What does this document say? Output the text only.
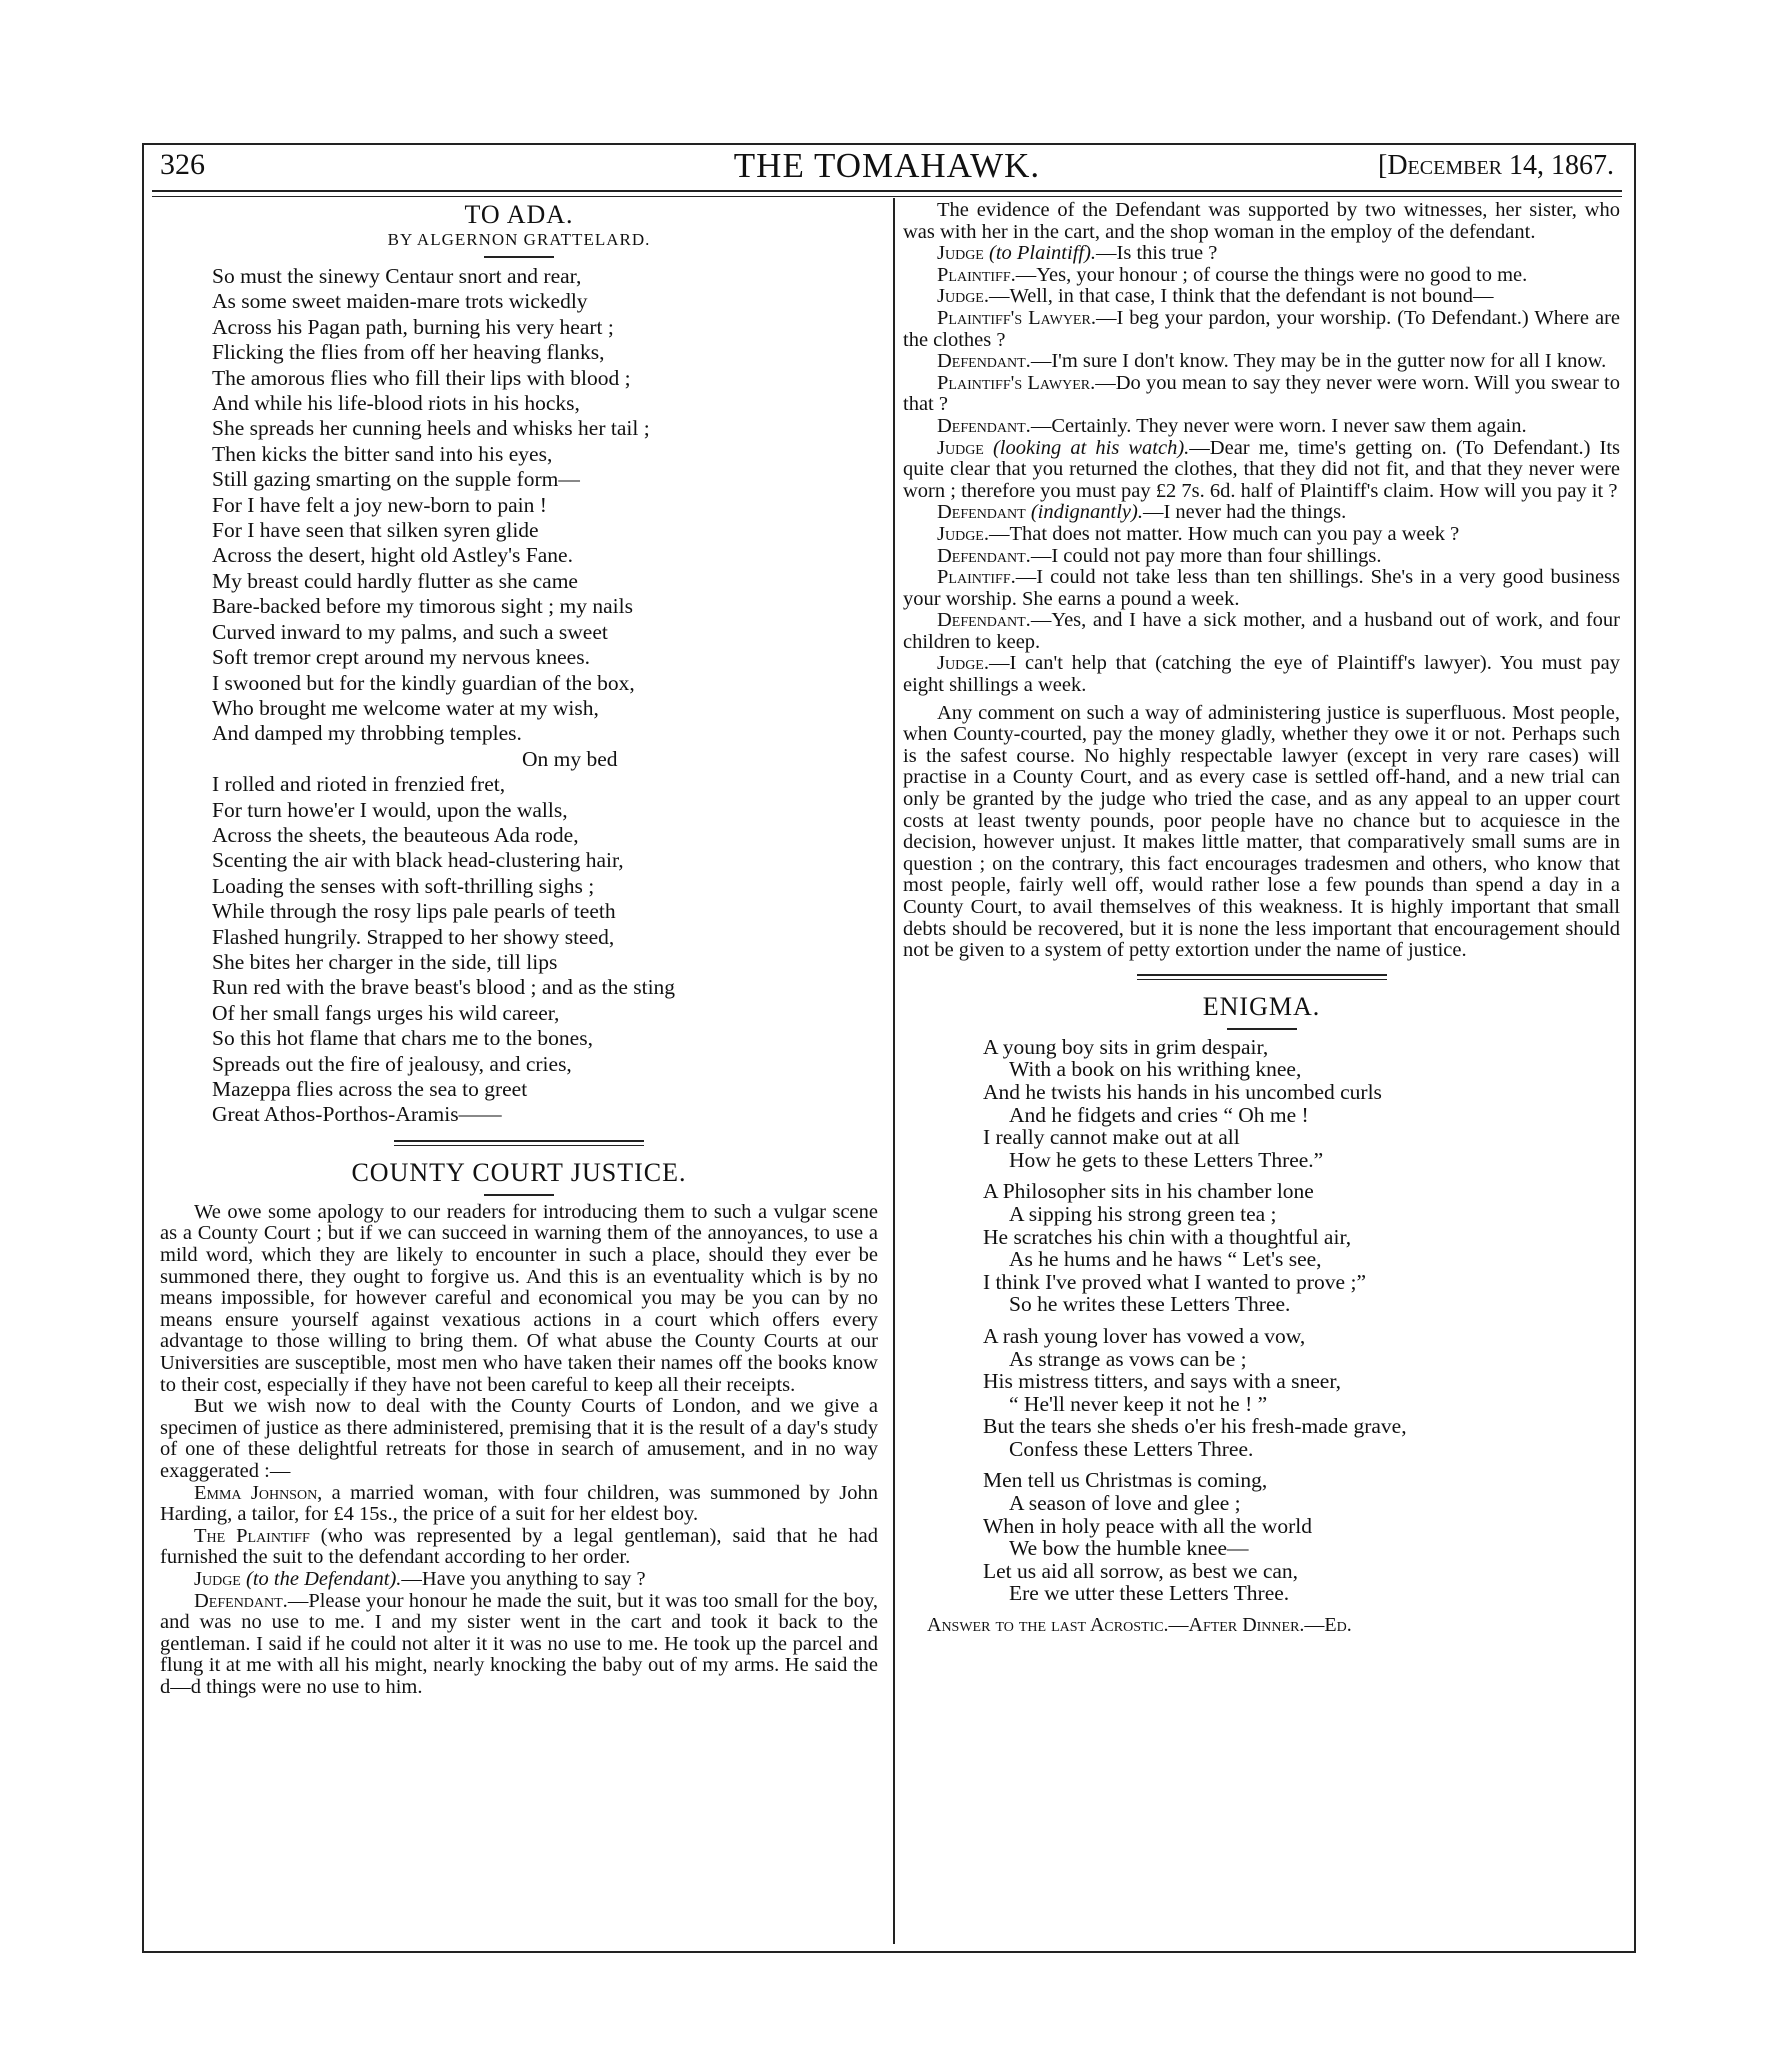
326	THE TOMAHAWK.	[December 14, 1867.
TO ADA.
BY ALGERNON GRATTELARD.
So must the sinewy Centaur snort and rear,
As some sweet maiden-mare trots wickedly
Across his Pagan path, burning his very heart ;
Flicking the flies from off her heaving flanks,
The amorous flies who fill their lips with blood ;
And while his life-blood riots in his hocks,
She spreads her cunning heels and whisks her tail ;
Then kicks the bitter sand into his eyes,
Still gazing smarting on the supple form—
For I have felt a joy new-born to pain !
For I have seen that silken syren glide
Across the desert, hight old Astley's Fane.
My breast could hardly flutter as she came
Bare-backed before my timorous sight ; my nails
Curved inward to my palms, and such a sweet
Soft tremor crept around my nervous knees.
I swooned but for the kindly guardian of the box,
Who brought me welcome water at my wish,
And damped my throbbing temples.
On my bed
I rolled and rioted in frenzied fret,
For turn howe'er I would, upon the walls,
Across the sheets, the beauteous Ada rode,
Scenting the air with black head-clustering hair,
Loading the senses with soft-thrilling sighs ;
While through the rosy lips pale pearls of teeth
Flashed hungrily. Strapped to her showy steed,
She bites her charger in the side, till lips
Run red with the brave beast's blood ; and as the sting
Of her small fangs urges his wild career,
So this hot flame that chars me to the bones,
Spreads out the fire of jealousy, and cries,
Mazeppa flies across the sea to greet
Great Athos-Porthos-Aramis——
COUNTY COURT JUSTICE.

We owe some apology to our readers for introducing them to such a vulgar scene as a County Court ; but if we can succeed in warning them of the annoyances, to use a mild word, which they are likely to encounter in such a place, should they ever be summoned there, they ought to forgive us. And this is an eventuality which is by no means impossible, for however careful and economical you may be you can by no means ensure yourself against vexatious actions in a court which offers every advantage to those willing to bring them. Of what abuse the County Courts at our Universities are susceptible, most men who have taken their names off the books know to their cost, especially if they have not been careful to keep all their receipts.

But we wish now to deal with the County Courts of London, and we give a specimen of justice as there administered, premising that it is the result of a day's study of one of these delightful retreats for those in search of amusement, and in no way exaggerated :—

Emma Johnson, a married woman, with four children, was summoned by John Harding, a tailor, for £4 15s., the price of a suit for her eldest boy.

The Plaintiff (who was represented by a legal gentleman), said that he had furnished the suit to the defendant according to her order.

Judge (to the Defendant).—Have you anything to say ?

Defendant.—Please your honour he made the suit, but it was too small for the boy, and was no use to me. I and my sister went in the cart and took it back to the gentleman. I said if he could not alter it it was no use to me. He took up the parcel and flung it at me with all his might, nearly knocking the baby out of my arms. He said the d—d things were no use to him.

The evidence of the Defendant was supported by two witnesses, her sister, who was with her in the cart, and the shop woman in the employ of the defendant.

Judge (to Plaintiff).—Is this true ?

Plaintiff.—Yes, your honour ; of course the things were no good to me.

Judge.—Well, in that case, I think that the defendant is not bound—

Plaintiff's Lawyer.—I beg your pardon, your worship. (To Defendant.) Where are the clothes ?

Defendant.—I'm sure I don't know. They may be in the gutter now for all I know.

Plaintiff's Lawyer.—Do you mean to say they never were worn. Will you swear to that ?

Defendant.—Certainly. They never were worn. I never saw them again.

Judge (looking at his watch).—Dear me, time's getting on. (To Defendant.) Its quite clear that you returned the clothes, that they did not fit, and that they never were worn ; therefore you must pay £2 7s. 6d. half of Plaintiff's claim. How will you pay it ?

Defendant (indignantly).—I never had the things.

Judge.—That does not matter. How much can you pay a week ?

Defendant.—I could not pay more than four shillings.

Plaintiff.—I could not take less than ten shillings. She's in a very good business your worship. She earns a pound a week.

Defendant.—Yes, and I have a sick mother, and a husband out of work, and four children to keep.

Judge.—I can't help that (catching the eye of Plaintiff's lawyer). You must pay eight shillings a week.

Any comment on such a way of administering justice is superfluous. Most people, when County-courted, pay the money gladly, whether they owe it or not. Perhaps such is the safest course. No highly respectable lawyer (except in very rare cases) will practise in a County Court, and as every case is settled off-hand, and a new trial can only be granted by the judge who tried the case, and as any appeal to an upper court costs at least twenty pounds, poor people have no chance but to acquiesce in the decision, however unjust. It makes little matter, that comparatively small sums are in question ; on the contrary, this fact encourages tradesmen and others, who know that most people, fairly well off, would rather lose a few pounds than spend a day in a County Court, to avail themselves of this weakness. It is highly important that small debts should be recovered, but it is none the less important that encouragement should not be given to a system of petty extortion under the name of justice.

ENIGMA.
A young boy sits in grim despair,
With a book on his writhing knee,
And he twists his hands in his uncombed curls
And he fidgets and cries “ Oh me !
I really cannot make out at all
How he gets to these Letters Three.”
A Philosopher sits in his chamber lone
A sipping his strong green tea ;
He scratches his chin with a thoughtful air,
As he hums and he haws “ Let's see,
I think I've proved what I wanted to prove ;”
So he writes these Letters Three.
A rash young lover has vowed a vow,
As strange as vows can be ;
His mistress titters, and says with a sneer,
“ He'll never keep it not he ! ”
But the tears she sheds o'er his fresh-made grave,
Confess these Letters Three.
Men tell us Christmas is coming,
A season of love and glee ;
When in holy peace with all the world
We bow the humble knee—
Let us aid all sorrow, as best we can,
Ere we utter these Letters Three.
Answer to the last Acrostic.—After Dinner.—Ed.
